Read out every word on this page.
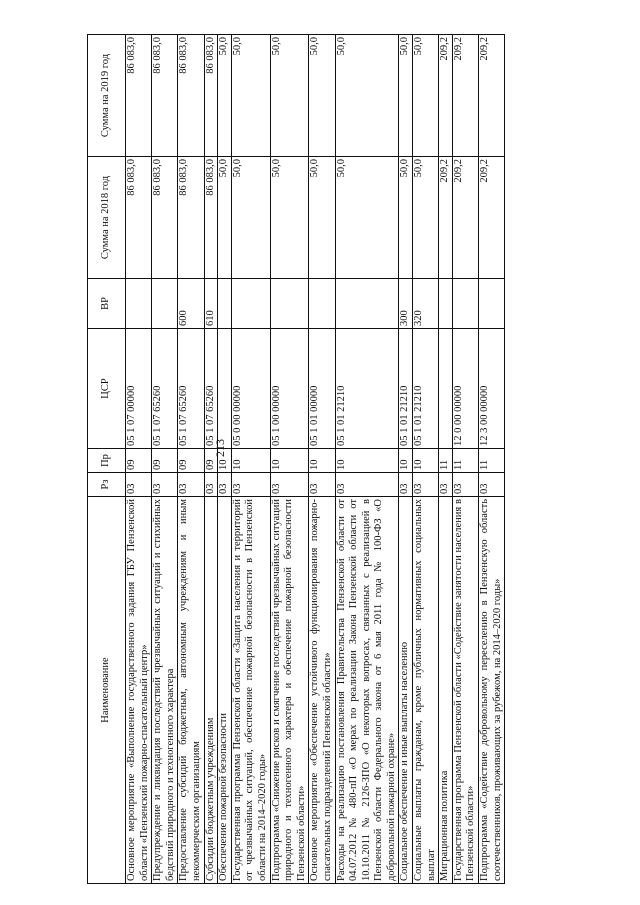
213
Наименование	Рз	Пр	ЦСР	ВР	Сумма на 2018 год	Сумма на 2019 год
Основное мероприятие «Выполнение государственного задания ГБУ Пензенской области «Пензенский пожарно-спасательный центр»	03	09	05 1 07 00000		86 083,0	86 083,0
Предупреждение и ликвидация последствий чрезвычайных ситуаций и стихийных бедствий природного и техногенного характера	03	09	05 1 07 65260		86 083,0	86 083,0
Предоставление субсидий бюджетным, автономным учреждениям и иным некоммерческим организациям	03	09	05 1 07 65260	600	86 083,0	86 083,0
Субсидии бюджетным учреждениям	03	09	05 1 07 65260	610	86 083,0	86 083,0
Обеспечение пожарной безопасности	03	10			50,0	50,0
Государственная программа Пензенской области «Защита населения и территорий от чрезвычайных ситуаций, обеспечение пожарной безопасности в Пензенской области на 2014–2020 годы»	03	10	05 0 00 00000		50,0	50,0
Подпрограмма «Снижение рисков и смягчение последствий чрезвычайных ситуаций природного и техногенного характера и обеспечение пожарной безопасности Пензенской области»	03	10	05 1 00 00000		50,0	50,0
Основное мероприятие «Обеспечение устойчивого функционирования пожарно-спасательных подразделений Пензенской области»	03	10	05 1 01 00000		50,0	50,0
Расходы на реализацию постановления Правительства Пензенской области от 04.07.2012 № 480-пП «О мерах по реализации Закона Пензенской области от 10.10.2011 № 2126-ЗПО «О некоторых вопросах, связанных с реализацией в Пензенской области Федерального закона от 6 мая 2011 года № 100-ФЗ «О добровольной пожарной охране»	03	10	05 1 01 21210		50,0	50,0
Социальное обеспечение и иные выплаты населению	03	10	05 1 01 21210	300	50,0	50,0
Социальные выплаты гражданам, кроме публичных нормативных социальных выплат	03	10	05 1 01 21210	320	50,0	50,0
Миграционная политика	03	11			209,2	209,2
Государственная программа Пензенской области «Содействие занятости населения в Пензенской области»	03	11	12 0 00 00000		209,2	209,2
Подпрограмма «Содействие добровольному переселению в Пензенскую область соотечественников, проживающих за рубежом, на 2014–2020 годы»	03	11	12 3 00 00000		209,2	209,2
